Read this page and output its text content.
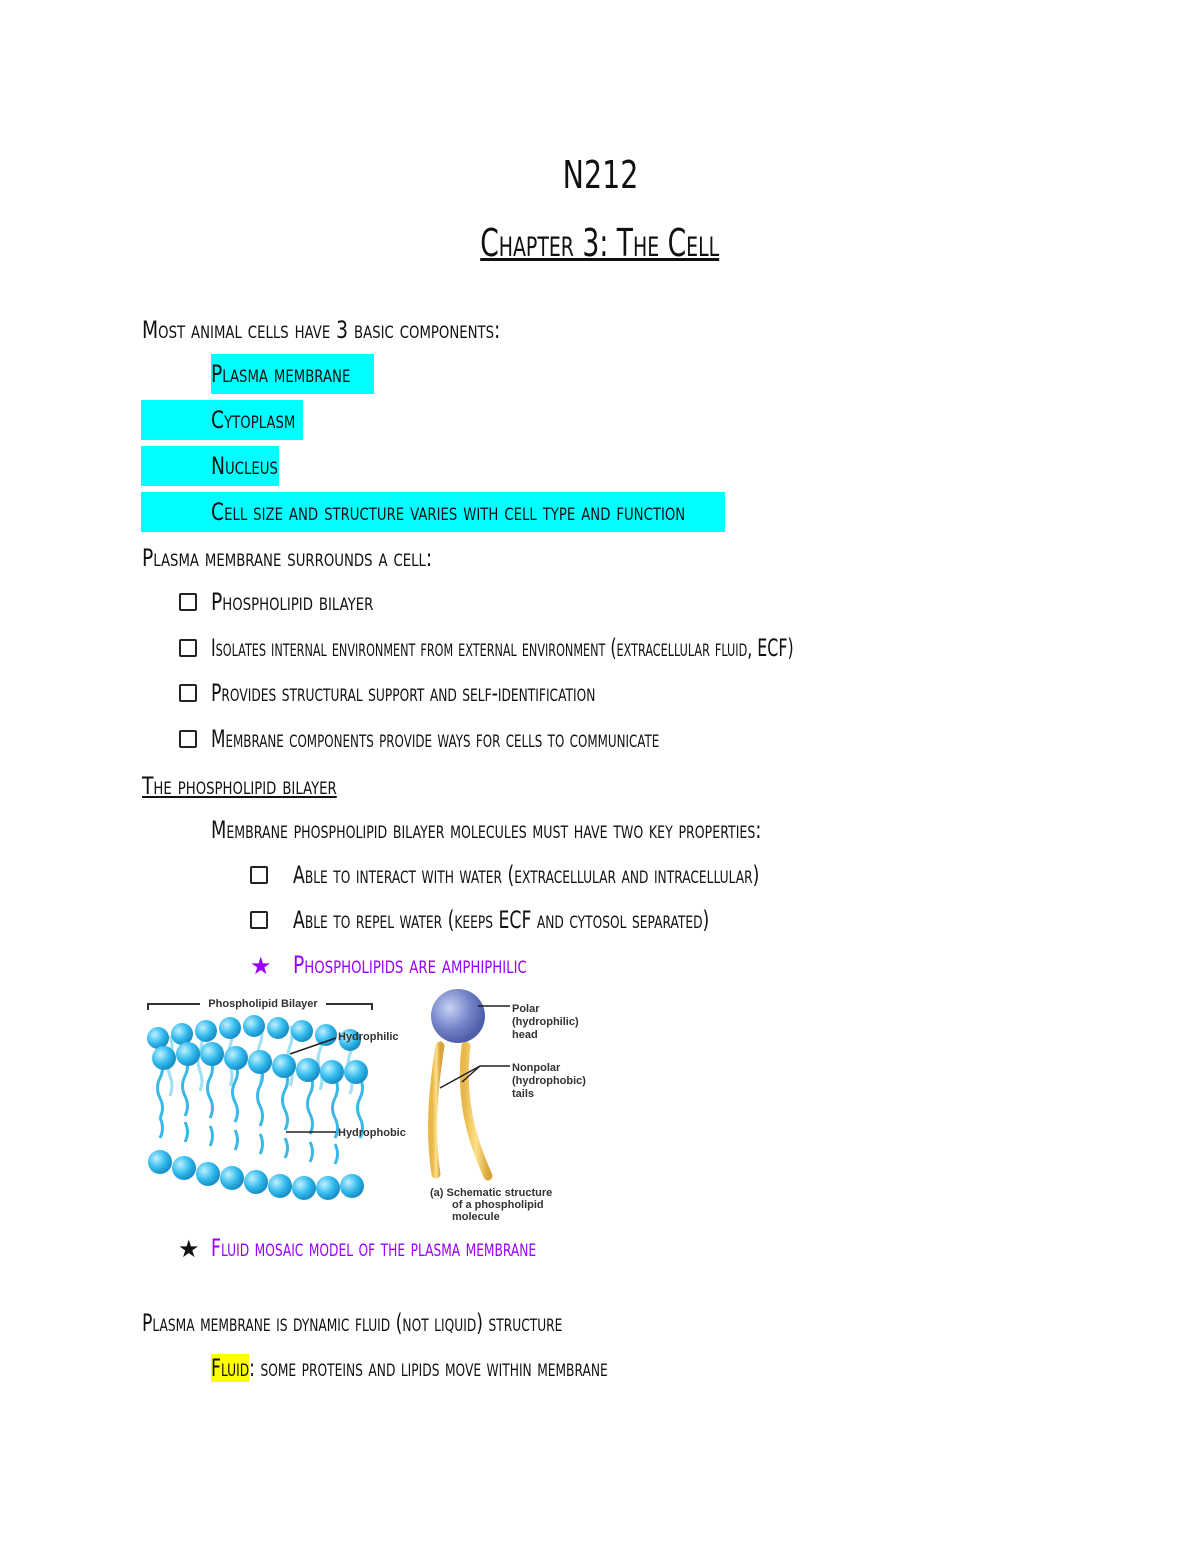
N212
Chapter 3: The Cell
Most animal cells have 3 basic components:
Plasma membrane
Cytoplasm
Nucleus
Cell size and structure varies with cell type and function
Plasma membrane surrounds a cell:
Phospholipid bilayer
Isolates internal environment from external environment (extracellular fluid, ECF)
Provides structural support and self-identification
Membrane components provide ways for cells to communicate
The phospholipid bilayer
Membrane phospholipid bilayer molecules must have two key properties:
Able to interact with water (extracellular and intracellular)
Able to repel water (keeps ECF and cytosol separated)
★ Phospholipids are amphiphilic
Phospholipid Bilayer
Hydrophilic
Hydrophobic
Polar
(hydrophilic)
head
Nonpolar
(hydrophobic)
tails
(a) Schematic structure
of a phospholipid
molecule
★ Fluid mosaic model of the plasma membrane
Plasma membrane is dynamic fluid (not liquid) structure
Fluid: some proteins and lipids move within membrane
